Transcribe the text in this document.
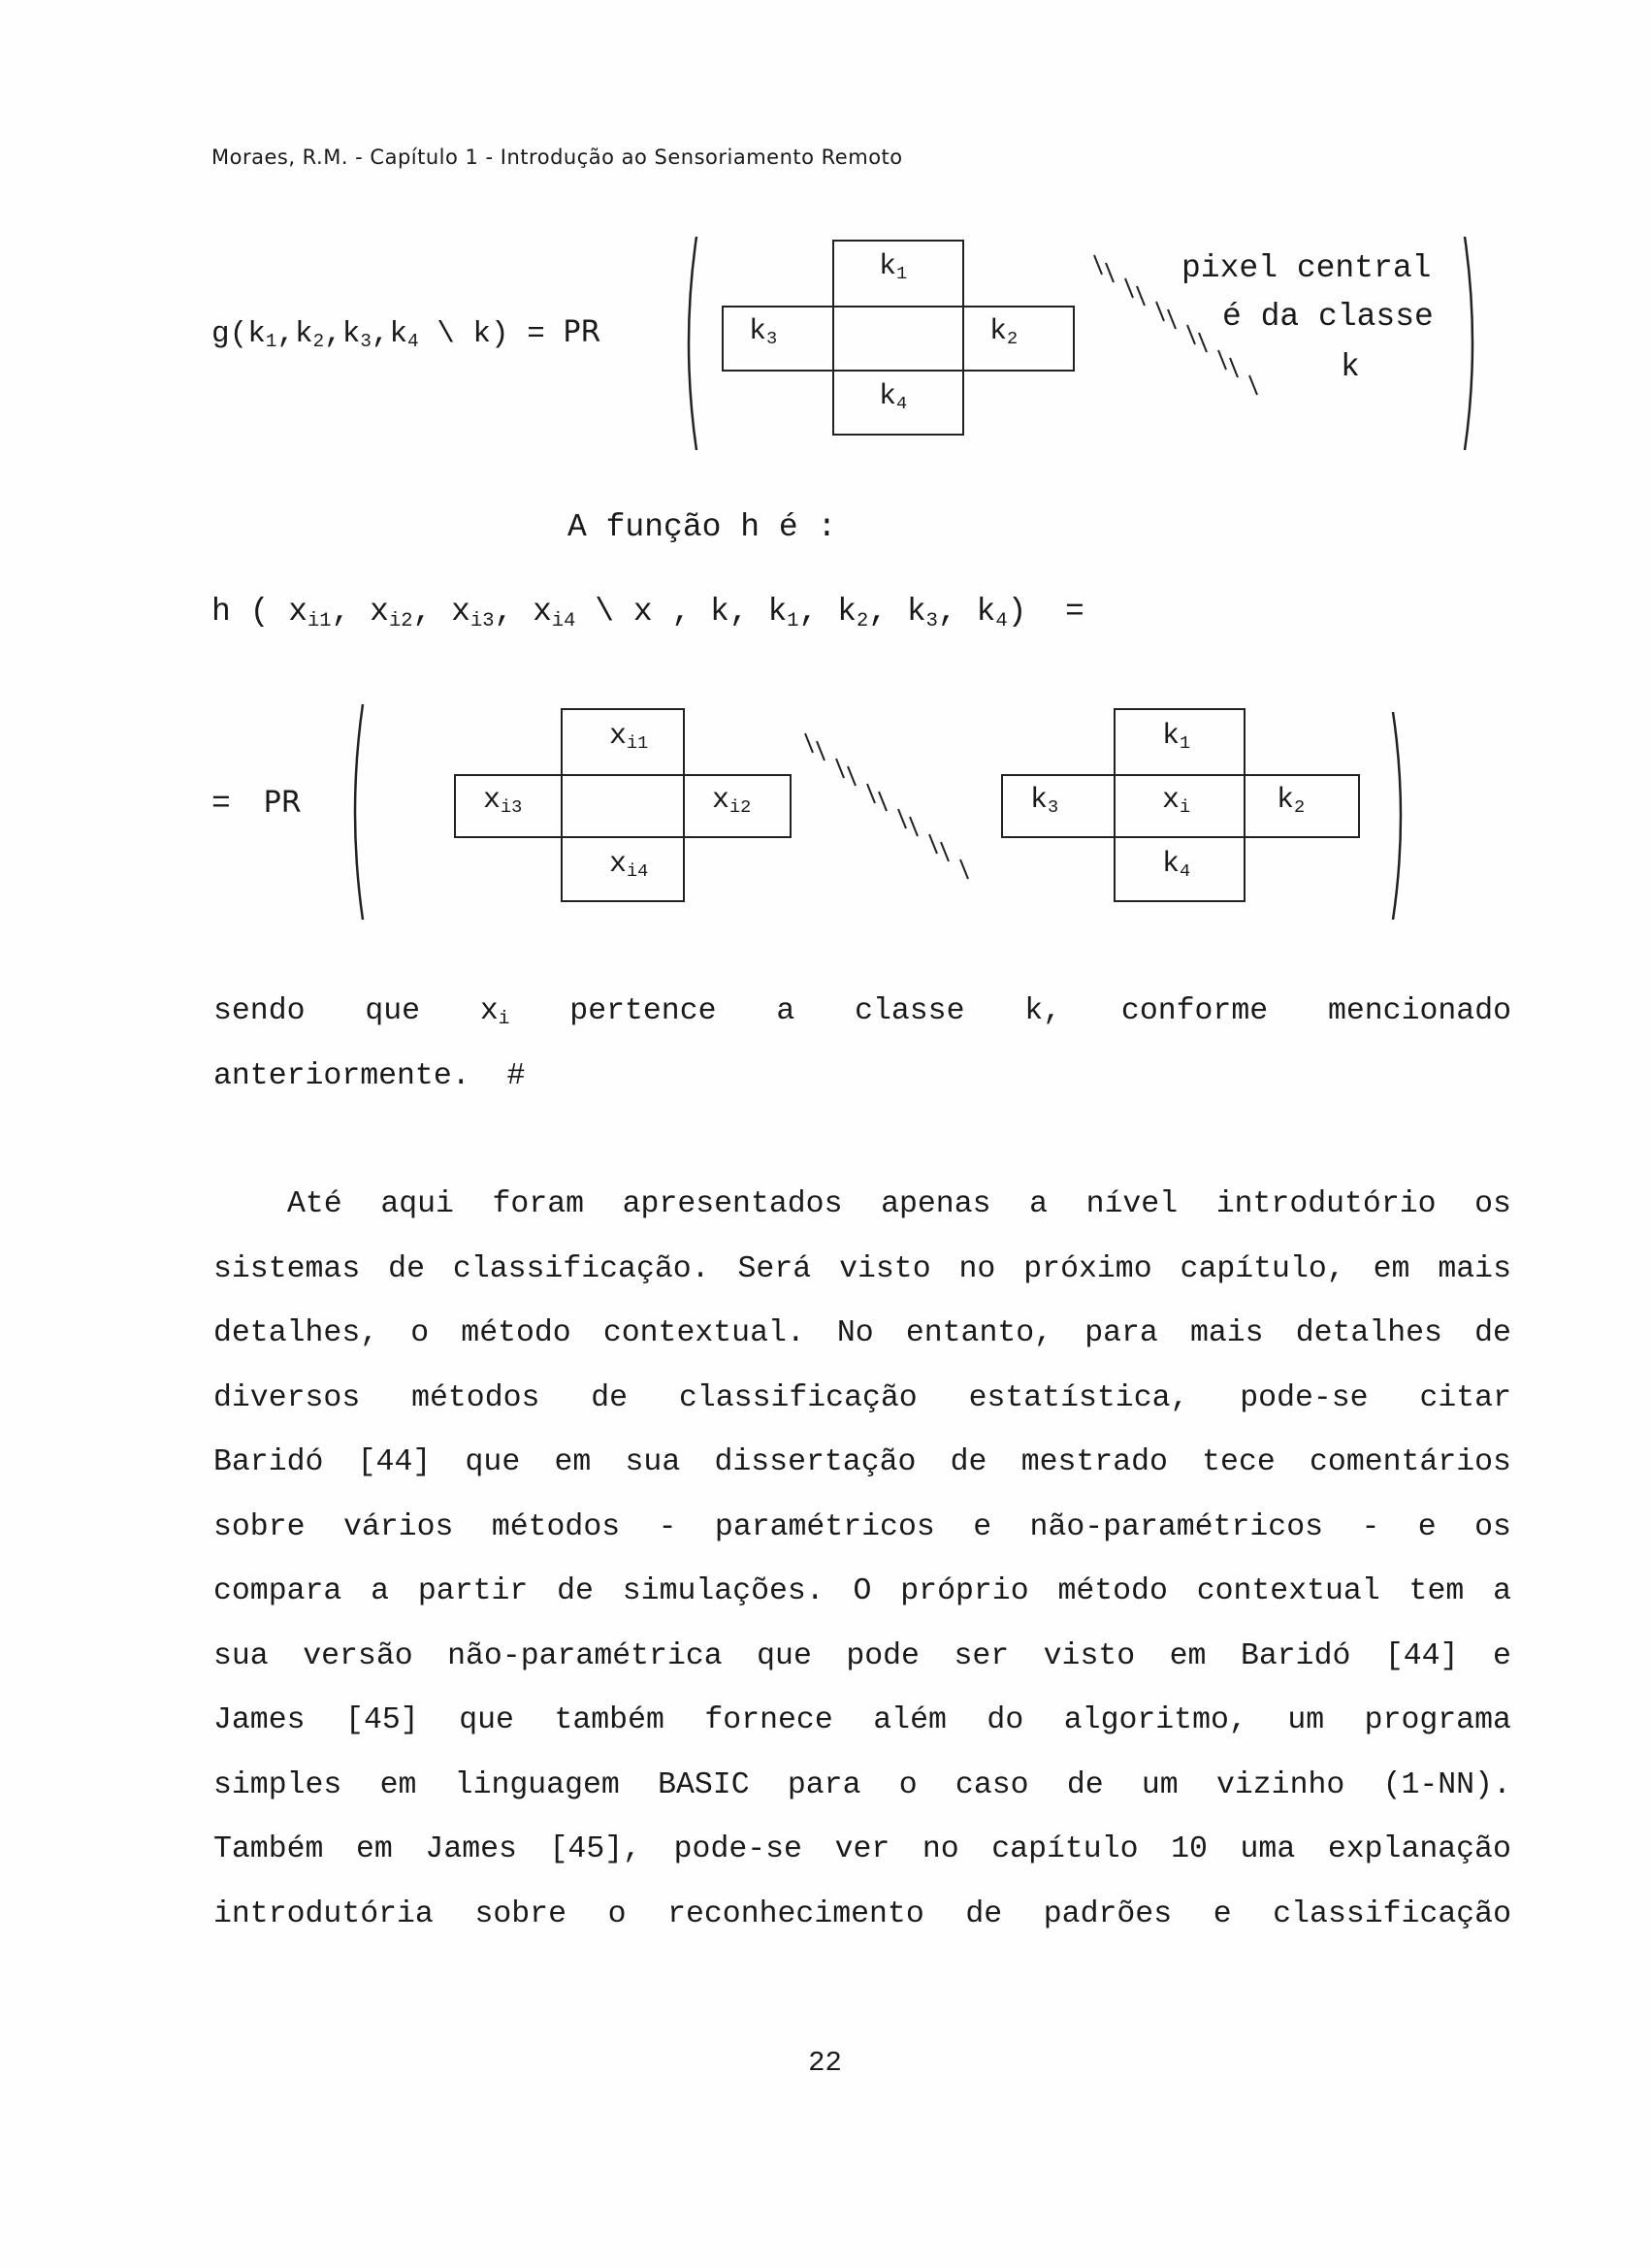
Moraes, R.M. - Capítulo 1 - Introdução ao Sensoriamento Remoto
$g(k_1,k_2,k_3,k_4$ \ k) = PR
$k_1$
$k_3$	$k_2$
$k_4$
pixel central
é da classe
k
A função h é :
h ( $x_{i1}$, $x_{i2}$, $x_{i3}$, $x_{i4}$ \ x , k, $k_1$, $k_2$, $k_3$, $k_4$)  =
= PR
$x_{i1}$
$x_{i3}$	$x_{i2}$
$x_{i4}$
$k_1$
$k_3$	$x_i$	$k_2$
$k_4$
sendo que $x_i$ pertence a classe k, conforme mencionado
anteriormente.  #
Até aqui foram apresentados apenas a nível introdutório os
sistemas de classificação. Será visto no próximo capítulo, em mais
detalhes, o método contextual. No entanto, para mais detalhes de
diversos métodos de classificação estatística, pode-se citar
Baridó [44] que em sua dissertação de mestrado tece comentários
sobre vários métodos - paramétricos e não-paramétricos - e os
compara a partir de simulações. O próprio método contextual tem a
sua versão não-paramétrica que pode ser visto em Baridó [44] e
James [45] que também fornece além do algoritmo, um programa
simples em linguagem BASIC para o caso de um vizinho (1-NN).
Também em James [45], pode-se ver no capítulo 10 uma explanação
introdutória sobre o reconhecimento de padrões e classificação
22
